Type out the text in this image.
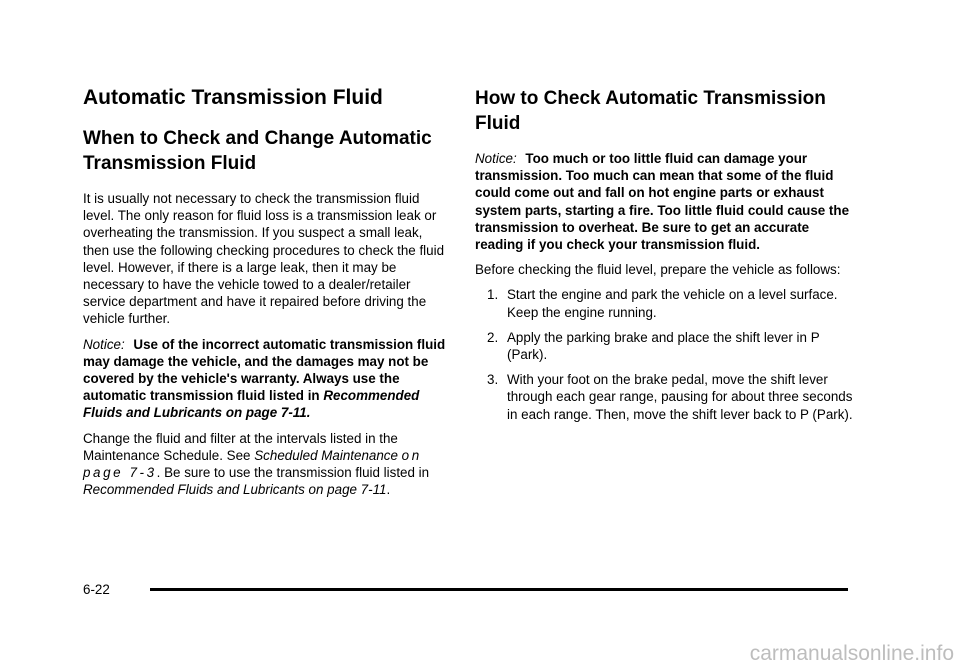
Automatic Transmission Fluid
When to Check and Change Automatic Transmission Fluid

It is usually not necessary to check the transmission fluid level. The only reason for fluid loss is a transmission leak or overheating the transmission. If you suspect a small leak, then use the following checking procedures to check the fluid level. However, if there is a large leak, then it may be necessary to have the vehicle towed to a dealer/retailer service department and have it repaired before driving the vehicle further.

Notice: Use of the incorrect automatic transmission fluid may damage the vehicle, and the damages may not be covered by the vehicle's warranty. Always use the automatic transmission fluid listed in Recommended Fluids and Lubricants on page 7-11.

Change the fluid and filter at the intervals listed in the Maintenance Schedule. See Scheduled Maintenance on page 7-3. Be sure to use the transmission fluid listed in Recommended Fluids and Lubricants on page 7-11.

How to Check Automatic Transmission Fluid

Notice: Too much or too little fluid can damage your transmission. Too much can mean that some of the fluid could come out and fall on hot engine parts or exhaust system parts, starting a fire. Too little fluid could cause the transmission to overheat. Be sure to get an accurate reading if you check your transmission fluid.

Before checking the fluid level, prepare the vehicle as follows:

1. Start the engine and park the vehicle on a level surface. Keep the engine running.
2. Apply the parking brake and place the shift lever in P (Park).
3. With your foot on the brake pedal, move the shift lever through each gear range, pausing for about three seconds in each range. Then, move the shift lever back to P (Park).
6-22
carmanualsonline.info
